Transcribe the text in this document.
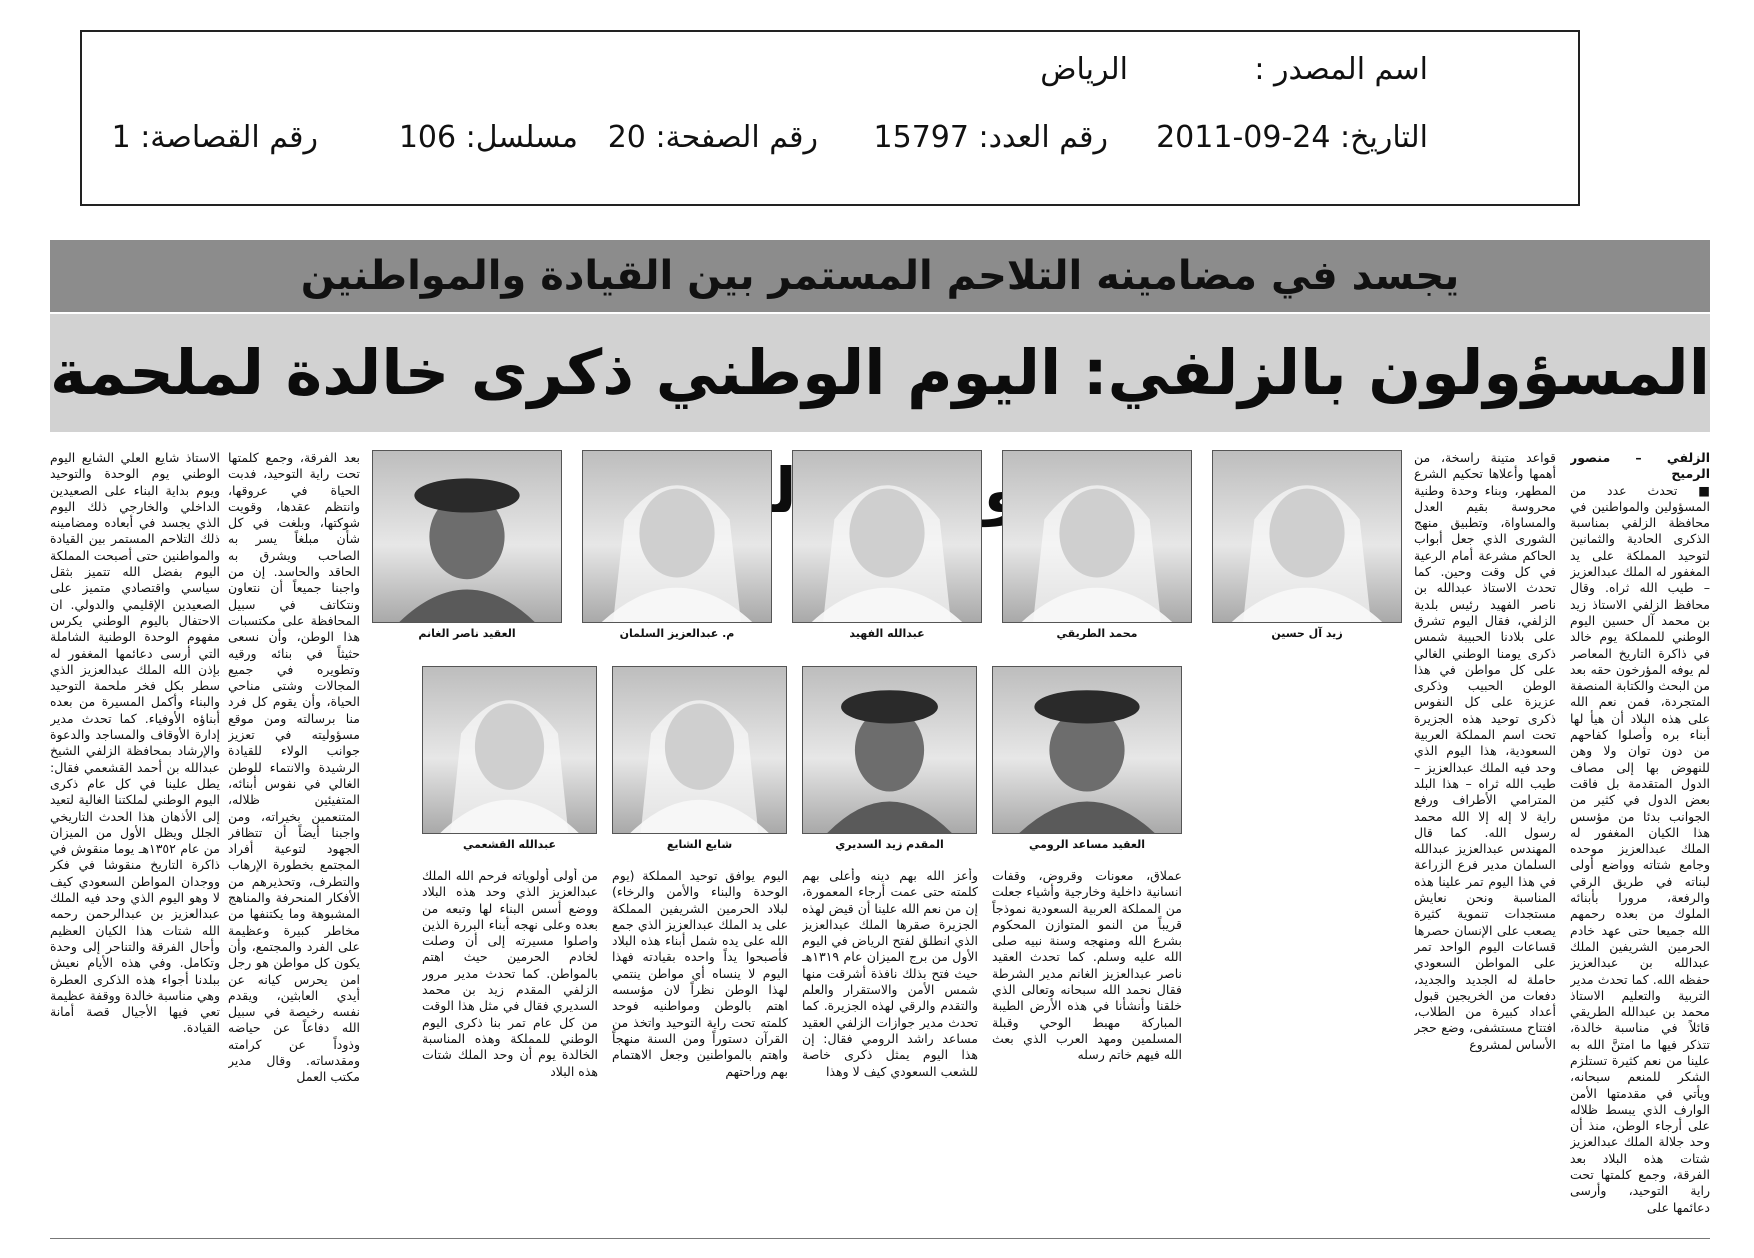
اسم المصدر :
الرياض
التاريخ: 24-09-2011
رقم العدد: 15797
رقم الصفحة: 20
مسلسل: 106
رقم القصاصة: 1
يجسد في مضامينه التلاحم المستمر بين القيادة والمواطنين
المسؤولون بالزلفي: اليوم الوطني ذكرى خالدة لملحمة التوحيد	الزلفي – منصور الرميح

■ تحدث عدد من المسؤولين والمواطنين في محافظة الزلفي بمناسبة الذكرى الحادية والثمانين لتوحيد المملكة على يد المغفور له الملك عبدالعزيز – طيب الله ثراه. وقال محافظ الزلفي الاستاذ زيد بن محمد آل حسين اليوم الوطني للمملكة يوم خالد في ذاكرة التاريخ المعاصر لم يوفه المؤرخون حقه بعد من البحث والكتابة المنصفة المتجردة، فمن نعم الله على هذه البلاد أن هيأ لها أبناء بره وأصلوا كفاحهم من دون توان ولا وهن للنهوض بها إلى مصاف الدول المتقدمة بل فاقت بعض الدول في كثير من الجوانب بدئا من مؤسس هذا الكيان المغفور له الملك عبدالعزيز موحده وجامع شتاته وواضع أولى لبناته في طريق الرقي والرفعة، مرورا بأبنائه الملوك من بعده رحمهم الله جميعا حتى عهد خادم الحرمين الشريفين الملك عبدالله بن عبدالعزيز حفظه الله. كما تحدث مدير التربية والتعليم الاستاذ محمد بن عبدالله الطريقي قائلاً في مناسبة خالدة، تتذكر فيها ما امتنَّ الله به علينا من نعم كثيرة تستلزم الشكر للمنعم سبحانه، ويأتي في مقدمتها الأمن الوارف الذي يبسط ظلاله على أرجاء الوطن، منذ أن وحد جلالة الملك عبدالعزيز شتات هذه البلاد بعد الفرقة، وجمع كلمتها تحت راية التوحيد، وأرسى دعائمها على

قواعد متينة راسخة، من أهمها وأعلاها تحكيم الشرع المطهر، وبناء وحدة وطنية محروسة بقيم العدل والمساواة، وتطبيق منهج الشورى الذي جعل أبواب الحاكم مشرعة أمام الرعية في كل وقت وحين. كما تحدث الاستاذ عبدالله بن ناصر الفهيد رئيس بلدية الزلفي، فقال اليوم تشرق على بلادنا الحبيبة شمس ذكرى يومنا الوطني الغالي على كل مواطن في هذا الوطن الحبيب وذكرى عزيزة على كل النفوس ذكرى توحيد هذه الجزيرة تحت اسم المملكة العربية السعودية، هذا اليوم الذي وحد فيه الملك عبدالعزيز – طيب الله ثراه – هذا البلد المترامي الأطراف ورفع راية لا إله إلا الله محمد رسول الله. كما قال المهندس عبدالعزيز عبدالله السلمان مدير فرع الزراعة في هذا اليوم تمر علينا هذه المناسبة ونحن نعايش مستجدات تنموية كثيرة يصعب على الإنسان حصرها قساعات اليوم الواحد تمر على المواطن السعودي حاملة له الجديد والجديد، دفعات من الخريجين قبول أعداد كبيرة من الطلاب، افتتاح مستشفى، وضع حجر الأساس لمشروع

زيد آل حسين
محمد الطريقي
عبدالله الفهيد
م. عبدالعزيز السلمان
العقيد ناصر الغانم

بعد الفرقة، وجمع كلمتها تحت راية التوحيد، فدبت الحياة في عروقها، وانتظم عقدها، وقويت شوكتها، وبلغت في كل شأن مبلغاً يسر به الصاحب ويشرق به الحاقد والحاسد. إن من واجبنا جميعاً أن نتعاون ونتكاتف في سبيل المحافظة على مكتسبات هذا الوطن، وأن نسعى حثيثاً في بنائه ورقيه وتطويره في جميع المجالات وشتى مناحي الحياة، وأن يقوم كل فرد منا برسالته ومن موقع مسؤوليته في تعزيز جوانب الولاء للقيادة الرشيدة والانتماء للوطن الغالي في نفوس أبنائه، المتفيئين ظلاله، المتنعمين بخيراته، ومن واجبنا أيضاً أن تتظافر الجهود لتوعية أفراد المجتمع بخطورة الإرهاب والتطرف، وتحذيرهم من الأفكار المنحرفة والمناهج المشبوهة وما يكتنفها من مخاطر كبيرة وعظيمة على الفرد والمجتمع، وأن يكون كل مواطن هو رجل امن يحرس كيانه عن أيدي العابثين، ويقدم نفسه رخيصة في سبيل الله دفاعاً عن حياضه وذوداً عن كرامته ومقدساته. وقال مدير مكتب العمل

الاستاذ شايع العلي الشايع اليوم الوطني يوم الوحدة والتوحيد ويوم بداية البناء على الصعيدين الداخلي والخارجي ذلك اليوم الذي يجسد في أبعاده ومضامينه ذلك التلاحم المستمر بين القيادة والمواطنين حتى أصبحت المملكة اليوم بفضل الله تتميز بثقل سياسي واقتصادي متميز على الصعيدين الإقليمي والدولي. ان الاحتفال باليوم الوطني يكرس مفهوم الوحدة الوطنية الشاملة التي أرسى دعائمها المغفور له بإذن الله الملك عبدالعزيز الذي سطر بكل فخر ملحمة التوحيد والبناء وأكمل المسيرة من بعده أبناؤه الأوفياء. كما تحدث مدير إدارة الأوقاف والمساجد والدعوة والإرشاد بمحافظة الزلفي الشيخ عبدالله بن أحمد القشعمي فقال: يطل علينا في كل عام ذكرى اليوم الوطني لملكتنا الغالية لتعيد إلى الأذهان هذا الحدث التاريخي الجلل ويظل الأول من الميزان من عام ١٣٥٢هـ يوما منقوش في ذاكرة التاريخ منقوشا في فكر ووجدان المواطن السعودي كيف لا وهو اليوم الذي وحد فيه الملك عبدالعزيز بن عبدالرحمن رحمه الله شتات هذا الكيان العظيم وأحال الفرقة والتناحر إلى وحدة وتكامل. وفي هذه الأيام نعيش ببلدنا أجواء هذه الذكرى العطرة وهي مناسبة خالدة ووقفة عظيمة تعي فيها الأجيال قصة أمانة القيادة.

العقيد مساعد الرومي
المقدم زيد السديري
شايع الشايع
عبدالله القشعمي

عملاق، معونات وقروض، وقفات انسانية داخلية وخارجية وأشياء جعلت من المملكة العربية السعودية نموذجاً قريباً من النمو المتوازن المحكوم بشرع الله ومنهجه وسنة نبيه صلى الله عليه وسلم. كما تحدث العقيد ناصر عبدالعزيز الغانم مدير الشرطة فقال نحمد الله سبحانه وتعالى الذي خلقنا وأنشأنا في هذه الأرض الطيبة المباركة مهبط الوحي وقبلة المسلمين ومهد العرب الذي بعث الله فيهم خاتم رسله

وأعز الله بهم دينه وأعلى بهم كلمته حتى عمت أرجاء المعمورة، إن من نعم الله علينا أن قيض لهذه الجزيرة صقرها الملك عبدالعزيز الذي انطلق لفتح الرياض في اليوم الأول من برج الميزان عام ١٣١٩هـ حيث فتح بذلك نافذة أشرقت منها شمس الأمن والاستقرار والعلم والتقدم والرقي لهذه الجزيرة. كما تحدث مدير جوازات الزلفي العقيد مساعد راشد الرومي فقال: إن هذا اليوم يمثل ذكرى خاصة للشعب السعودي كيف لا وهذا

اليوم يوافق توحيد المملكة (يوم الوحدة والبناء والأمن والرخاء) لبلاد الحرمين الشريفين المملكة على يد الملك عبدالعزيز الذي جمع الله على يده شمل أبناء هذه البلاد فأصبحوا يداً واحده بقيادته فهذا اليوم لا ينساه أي مواطن ينتمي لهذا الوطن نظراً لان مؤسسه اهتم بالوطن ومواطنيه فوحد كلمته تحت راية التوحيد واتخذ من القرآن دستوراً ومن السنة منهجاً واهتم بالمواطنين وجعل الاهتمام بهم وراحتهم

من أولى أولوياته فرحم الله الملك عبدالعزيز الذي وحد هذه البلاد ووضع أسس البناء لها وتبعه من بعده وعلى نهجه أبناء البررة الذين واصلوا مسيرته إلى أن وصلت لخادم الحرمين حيث اهتم بالمواطن. كما تحدث مدير مرور الزلفي المقدم زيد بن محمد السديري فقال في مثل هذا الوقت من كل عام تمر بنا ذكرى اليوم الوطني للمملكة وهذه المناسبة الخالدة يوم أن وحد الملك شتات هذه البلاد
